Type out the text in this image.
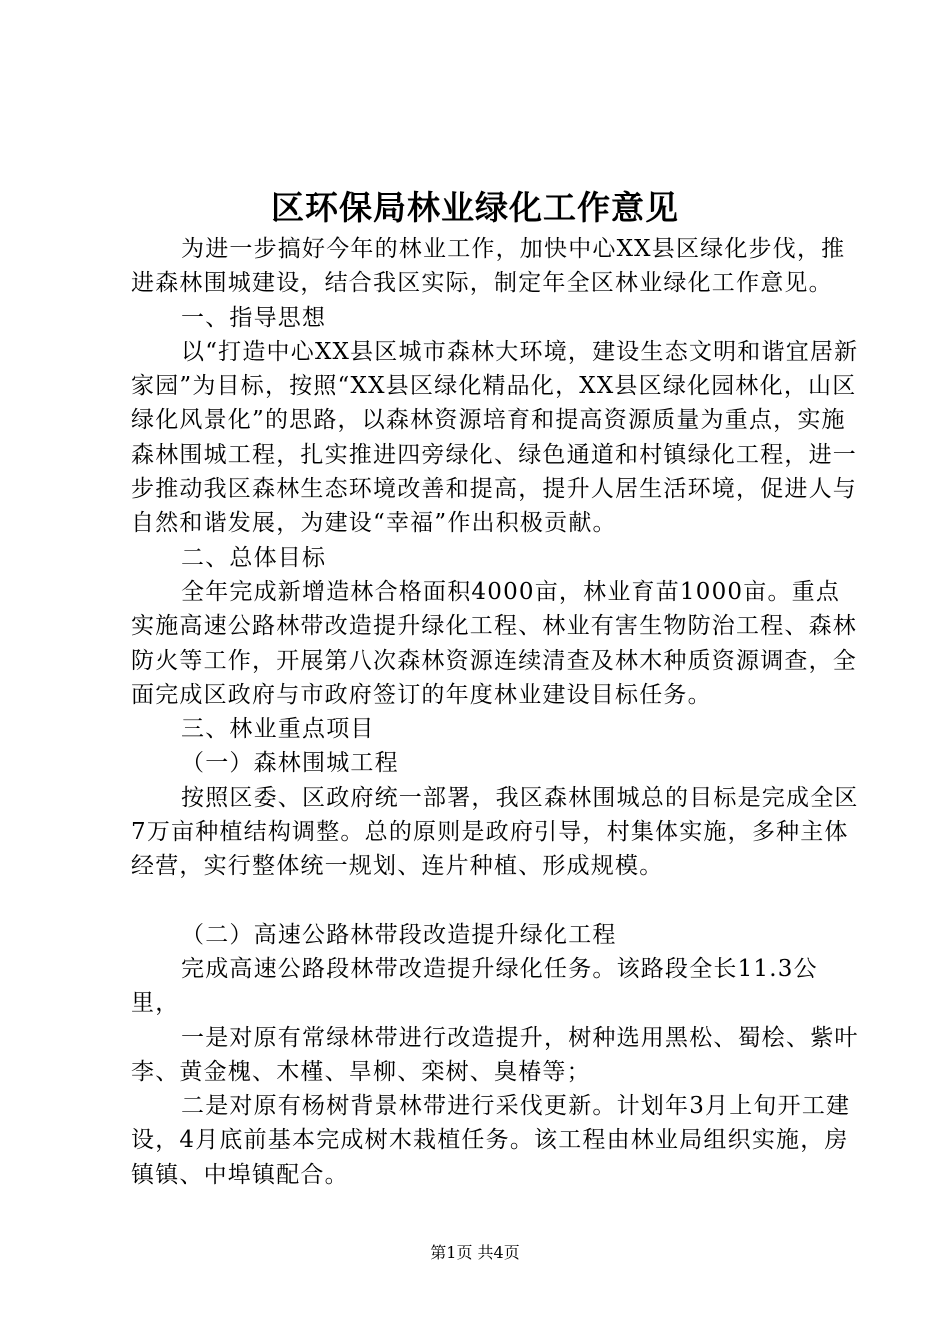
区环保局林业绿化工作意见

为进一步搞好今年的林业工作，加快中心XX县区绿化步伐，推进森林围城建设，结合我区实际，制定年全区林业绿化工作意见。

一、指导思想

以“打造中心XX县区城市森林大环境，建设生态文明和谐宜居新家园”为目标，按照“XX县区绿化精品化，XX县区绿化园林化，山区绿化风景化”的思路，以森林资源培育和提高资源质量为重点，实施森林围城工程，扎实推进四旁绿化、绿色通道和村镇绿化工程，进一步推动我区森林生态环境改善和提高，提升人居生活环境，促进人与自然和谐发展，为建设“幸福”作出积极贡献。

二、总体目标

全年完成新增造林合格面积4000亩，林业育苗1000亩。重点实施高速公路林带改造提升绿化工程、林业有害生物防治工程、森林防火等工作，开展第八次森林资源连续清查及林木种质资源调查，全面完成区政府与市政府签订的年度林业建设目标任务。

三、林业重点项目

（一）森林围城工程

按照区委、区政府统一部署，我区森林围城总的目标是完成全区7万亩种植结构调整。总的原则是政府引导，村集体实施，多种主体经营，实行整体统一规划、连片种植、形成规模。

（二）高速公路林带段改造提升绿化工程

完成高速公路段林带改造提升绿化任务。该路段全长11.3公里，

一是对原有常绿林带进行改造提升，树种选用黑松、蜀桧、紫叶李、黄金槐、木槿、旱柳、栾树、臭椿等；

二是对原有杨树背景林带进行采伐更新。计划年3月上旬开工建设，4月底前基本完成树木栽植任务。该工程由林业局组织实施，房镇镇、中埠镇配合。

第1页 共4页
